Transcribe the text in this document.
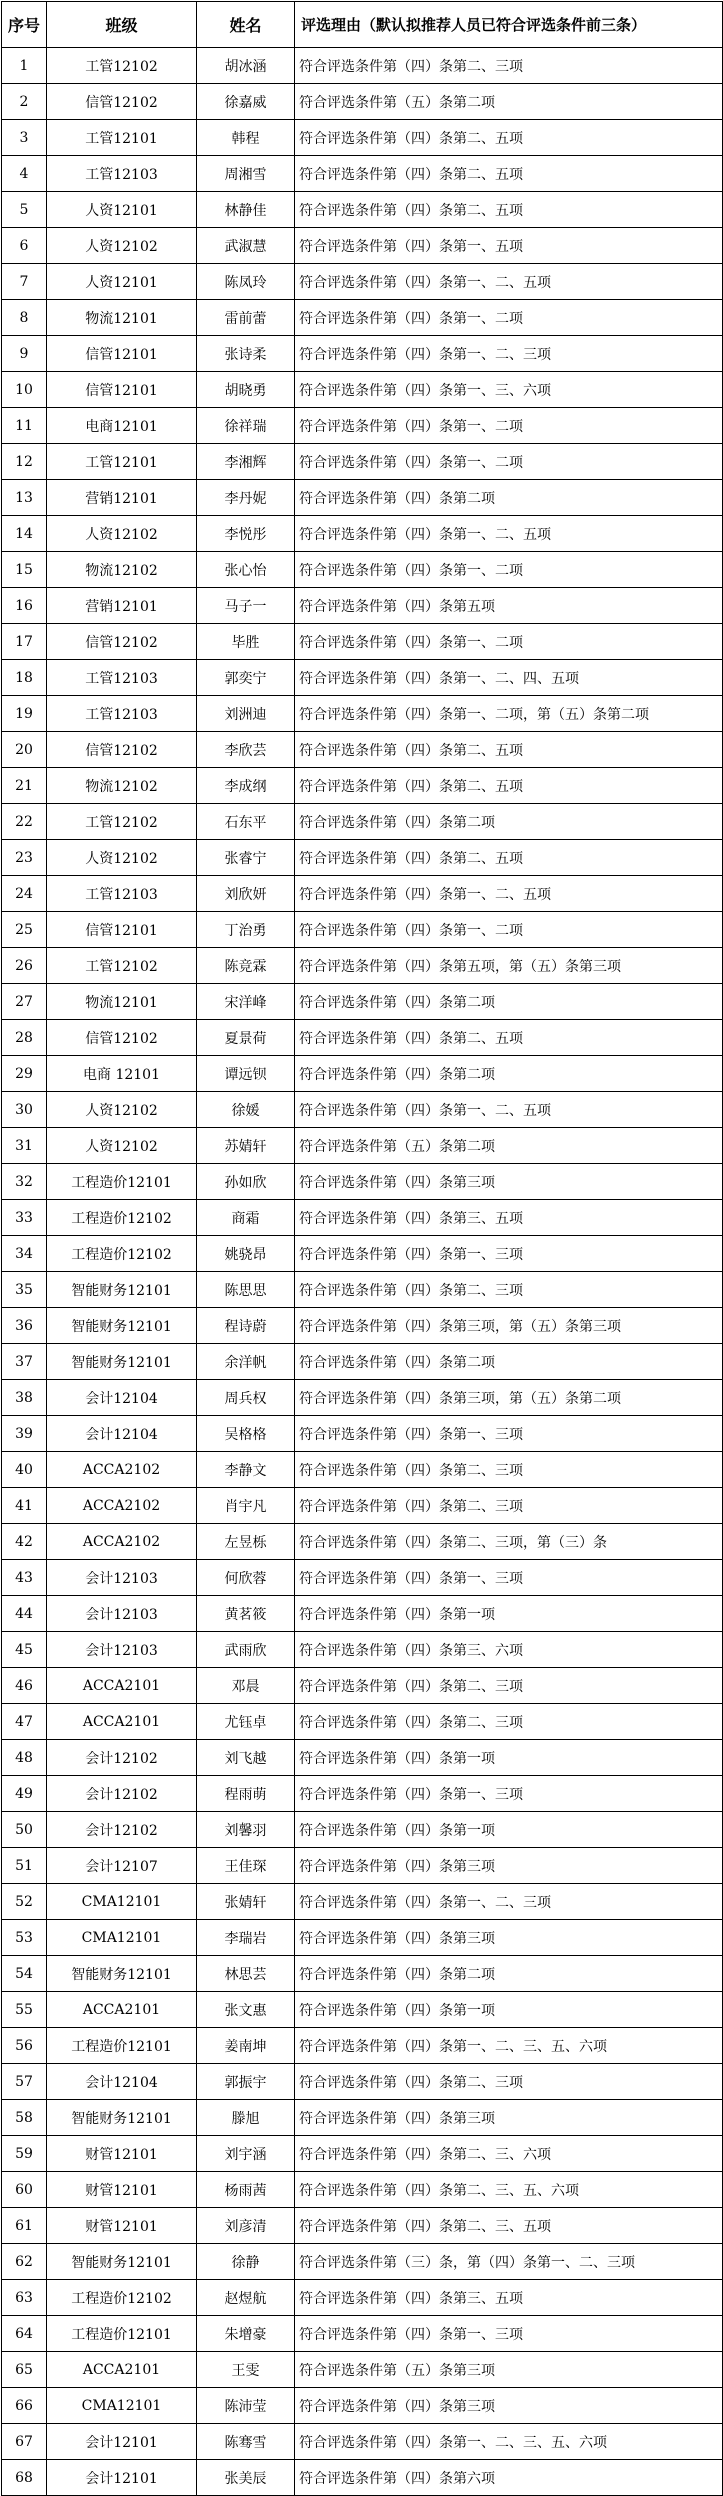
序号	班级	姓名	评选理由（默认拟推荐人员已符合评选条件前三条）
1	工管12102	胡冰涵	符合评选条件第（四）条第二、三项
2	信管12102	徐嘉威	符合评选条件第（五）条第二项
3	工管12101	韩程	符合评选条件第（四）条第二、五项
4	工管12103	周湘雪	符合评选条件第（四）条第二、五项
5	人资12101	林静佳	符合评选条件第（四）条第二、五项
6	人资12102	武淑慧	符合评选条件第（四）条第一、五项
7	人资12101	陈凤玲	符合评选条件第（四）条第一、二、五项
8	物流12101	雷前蕾	符合评选条件第（四）条第一、二项
9	信管12101	张诗柔	符合评选条件第（四）条第一、二、三项
10	信管12101	胡晓勇	符合评选条件第（四）条第一、三、六项
11	电商12101	徐祥瑞	符合评选条件第（四）条第一、二项
12	工管12101	李湘辉	符合评选条件第（四）条第一、二项
13	营销12101	李丹妮	符合评选条件第（四）条第二项
14	人资12102	李悦彤	符合评选条件第（四）条第一、二、五项
15	物流12102	张心怡	符合评选条件第（四）条第一、二项
16	营销12101	马子一	符合评选条件第（四）条第五项
17	信管12102	毕胜	符合评选条件第（四）条第一、二项
18	工管12103	郭奕宁	符合评选条件第（四）条第一、二、四、五项
19	工管12103	刘洲迪	符合评选条件第（四）条第一、二项，第（五）条第二项
20	信管12102	李欣芸	符合评选条件第（四）条第二、五项
21	物流12102	李成纲	符合评选条件第（四）条第二、五项
22	工管12102	石东平	符合评选条件第（四）条第二项
23	人资12102	张睿宁	符合评选条件第（四）条第二、五项
24	工管12103	刘欣妍	符合评选条件第（四）条第一、二、五项
25	信管12101	丁治勇	符合评选条件第（四）条第一、二项
26	工管12102	陈竞霖	符合评选条件第（四）条第五项，第（五）条第三项
27	物流12101	宋洋峰	符合评选条件第（四）条第二项
28	信管12102	夏景荷	符合评选条件第（四）条第二、五项
29	电商 12101	谭远钡	符合评选条件第（四）条第二项
30	人资12102	徐媛	符合评选条件第（四）条第一、二、五项
31	人资12102	苏婧轩	符合评选条件第（五）条第二项
32	工程造价12101	孙如欣	符合评选条件第（四）条第三项
33	工程造价12102	商霜	符合评选条件第（四）条第三、五项
34	工程造价12102	姚骁昂	符合评选条件第（四）条第一、三项
35	智能财务12101	陈思思	符合评选条件第（四）条第二、三项
36	智能财务12101	程诗蔚	符合评选条件第（四）条第三项，第（五）条第三项
37	智能财务12101	余洋帆	符合评选条件第（四）条第二项
38	会计12104	周兵权	符合评选条件第（四）条第三项，第（五）条第二项
39	会计12104	吴格格	符合评选条件第（四）条第一、三项
40	ACCA2102	李静文	符合评选条件第（四）条第二、三项
41	ACCA2102	肖宇凡	符合评选条件第（四）条第二、三项
42	ACCA2102	左昱栎	符合评选条件第（四）条第二、三项，第（三）条
43	会计12103	何欣蓉	符合评选条件第（四）条第一、三项
44	会计12103	黄茗筱	符合评选条件第（四）条第一项
45	会计12103	武雨欣	符合评选条件第（四）条第三、六项
46	ACCA2101	邓晨	符合评选条件第（四）条第二、三项
47	ACCA2101	尤钰卓	符合评选条件第（四）条第二、三项
48	会计12102	刘飞越	符合评选条件第（四）条第一项
49	会计12102	程雨萌	符合评选条件第（四）条第一、三项
50	会计12102	刘馨羽	符合评选条件第（四）条第一项
51	会计12107	王佳琛	符合评选条件第（四）条第三项
52	CMA12101	张婧轩	符合评选条件第（四）条第一、二、三项
53	CMA12101	李瑞岩	符合评选条件第（四）条第三项
54	智能财务12101	林思芸	符合评选条件第（四）条第二项
55	ACCA2101	张文惠	符合评选条件第（四）条第一项
56	工程造价12101	姜南坤	符合评选条件第（四）条第一、二、三、五、六项
57	会计12104	郭振宇	符合评选条件第（四）条第二、三项
58	智能财务12101	滕旭	符合评选条件第（四）条第三项
59	财管12101	刘宇涵	符合评选条件第（四）条第二、三、六项
60	财管12101	杨雨茜	符合评选条件第（四）条第二、三、五、六项
61	财管12101	刘彦清	符合评选条件第（四）条第二、三、五项
62	智能财务12101	徐静	符合评选条件第（三）条，第（四）条第一、二、三项
63	工程造价12102	赵煜航	符合评选条件第（四）条第三、五项
64	工程造价12101	朱增豪	符合评选条件第（四）条第一、三项
65	ACCA2101	王雯	符合评选条件第（五）条第三项
66	CMA12101	陈沛莹	符合评选条件第（四）条第三项
67	会计12101	陈骞雪	符合评选条件第（四）条第一、二、三、五、六项
68	会计12101	张美辰	符合评选条件第（四）条第六项
